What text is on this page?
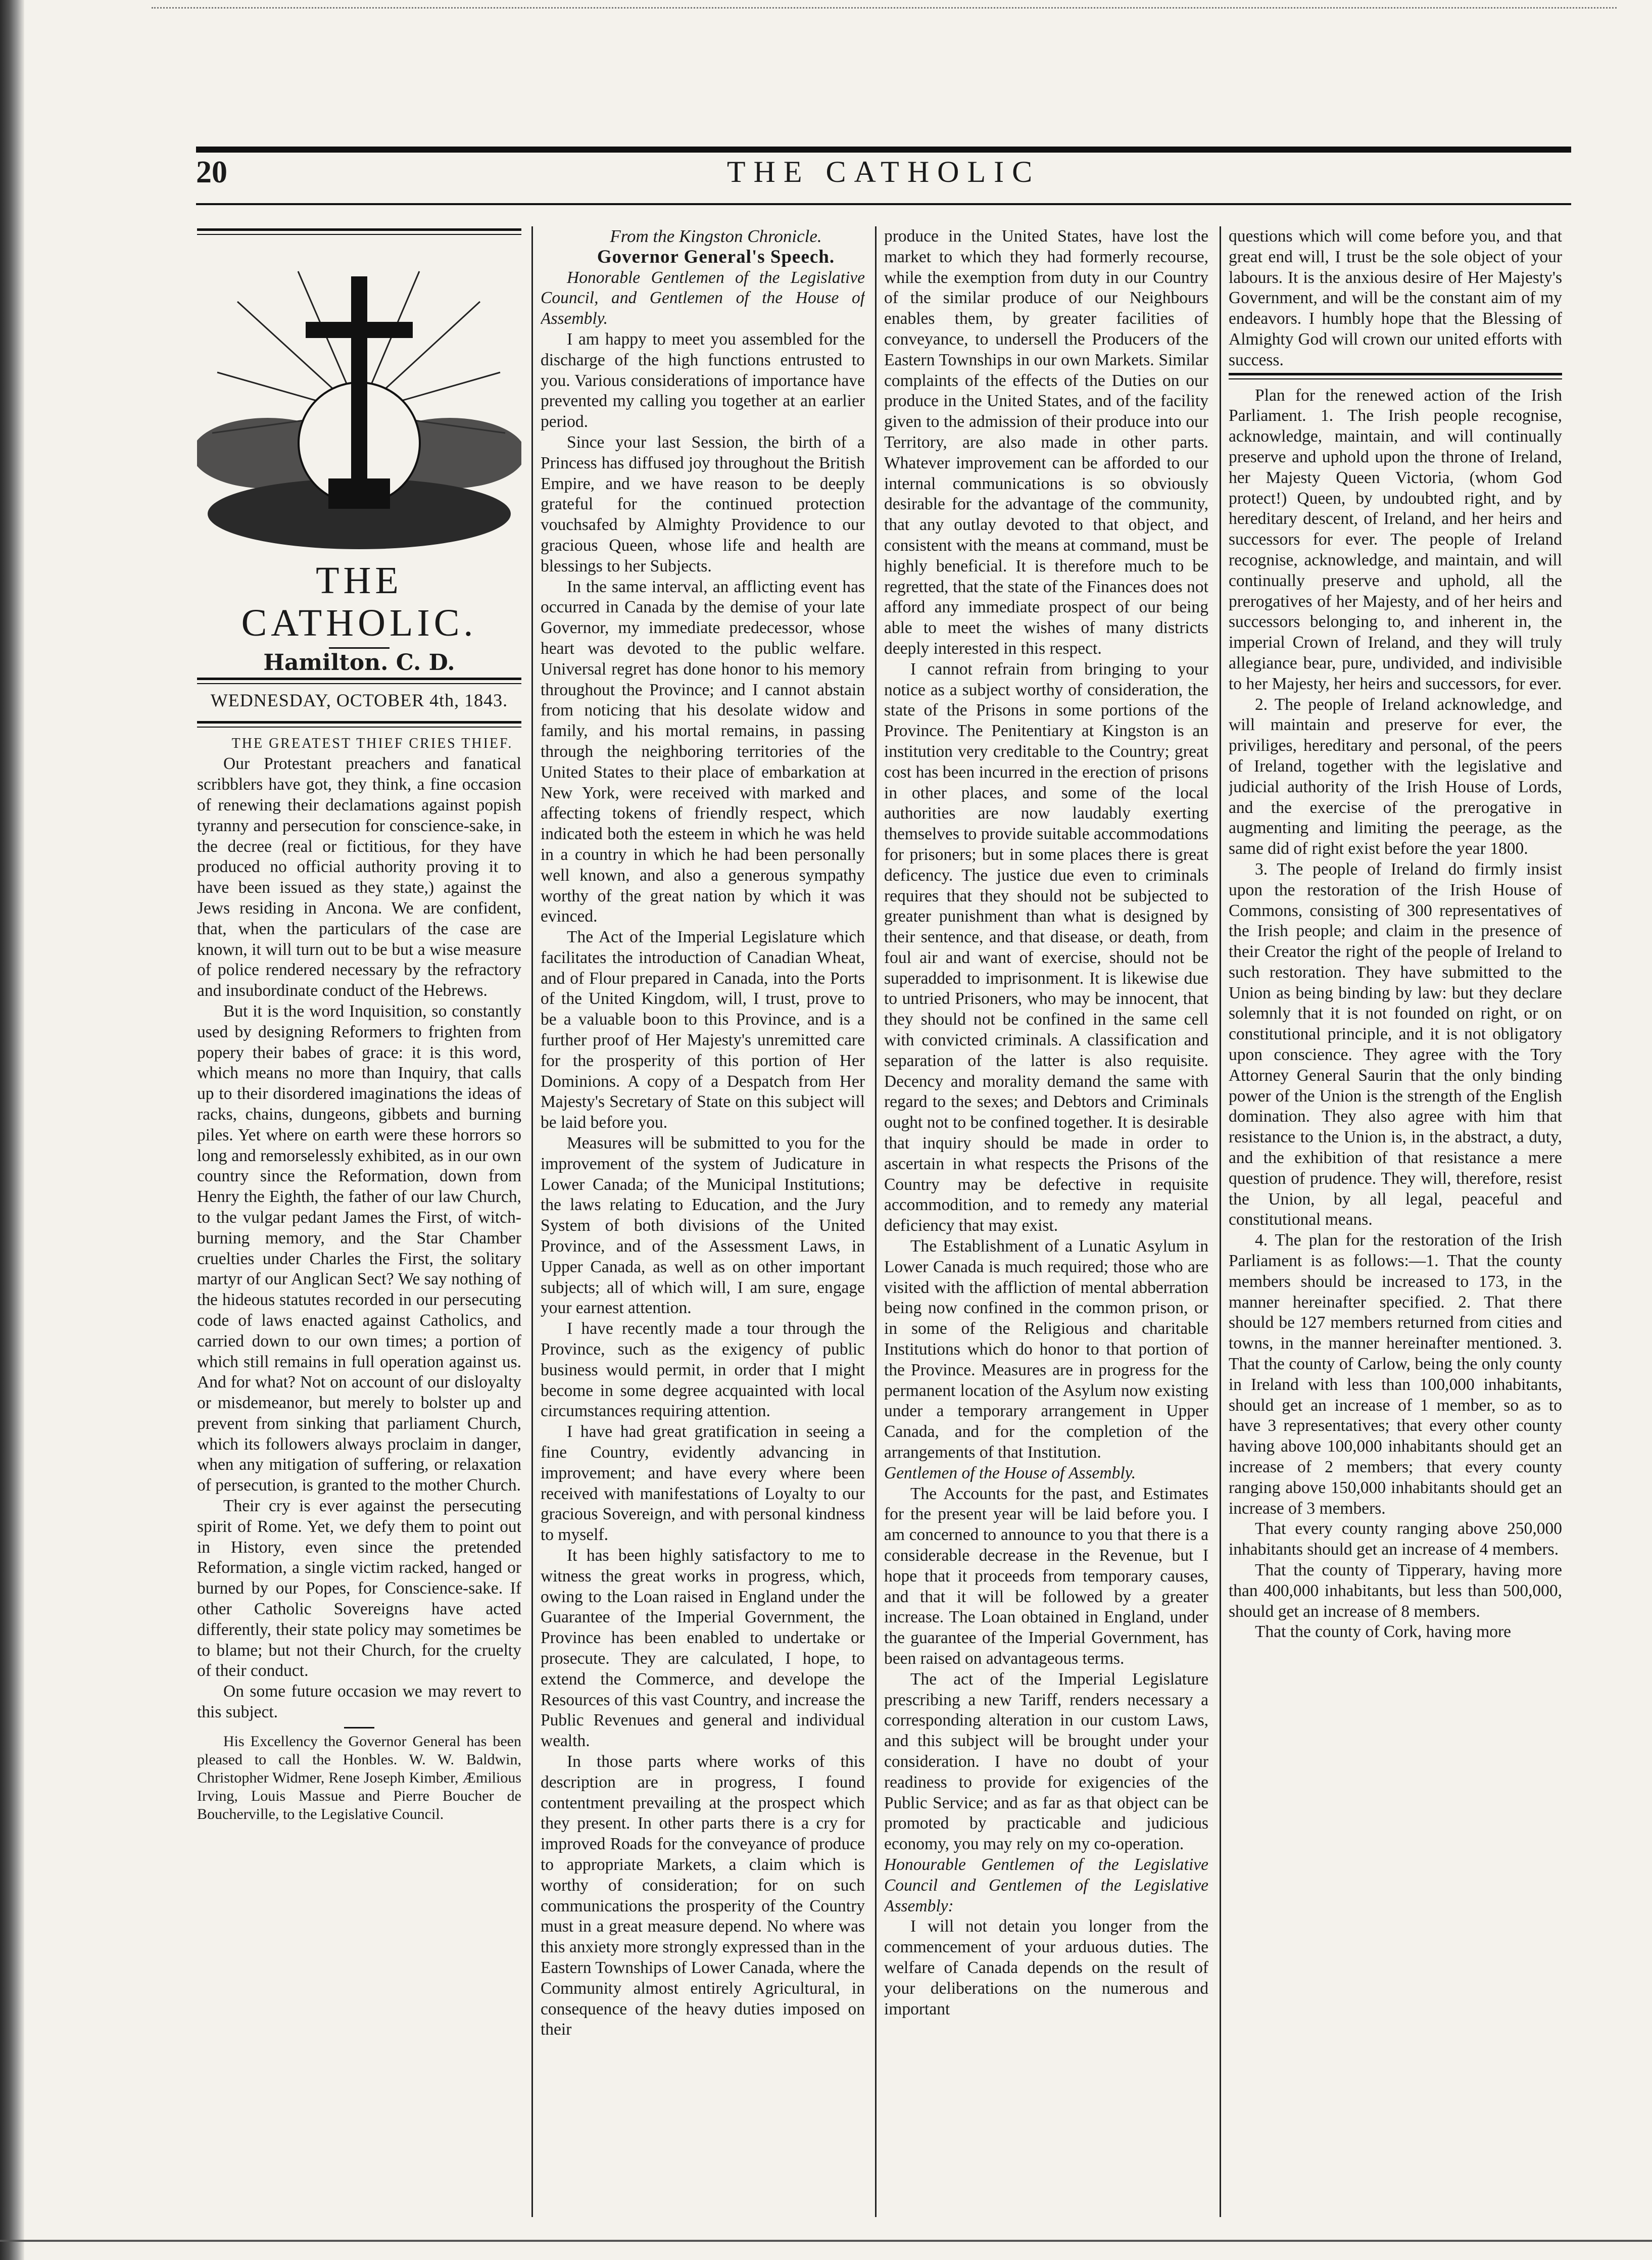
20	THE CATHOLIC
THE CATHOLIC.
Hamilton. C. D.
WEDNESDAY, OCTOBER 4th, 1843.

THE GREATEST THIEF CRIES THIEF.

Our Protestant preachers and fanatical scribblers have got, they think, a fine occasion of renewing their declamations against popish tyranny and persecution for conscience-sake, in the decree (real or fictitious, for they have produced no official authority proving it to have been issued as they state,) against the Jews residing in Ancona. We are confident, that, when the particulars of the case are known, it will turn out to be but a wise measure of police rendered necessary by the refractory and insubordinate conduct of the Hebrews.

But it is the word Inquisition, so constantly used by designing Reformers to frighten from popery their babes of grace: it is this word, which means no more than Inquiry, that calls up to their disordered imaginations the ideas of racks, chains, dungeons, gibbets and burning piles. Yet where on earth were these horrors so long and remorselessly exhibited, as in our own country since the Reformation, down from Henry the Eighth, the father of our law Church, to the vulgar pedant James the First, of witch-burning memory, and the Star Chamber cruelties under Charles the First, the solitary martyr of our Anglican Sect? We say nothing of the hideous statutes recorded in our persecuting code of laws enacted against Catholics, and carried down to our own times; a portion of which still remains in full operation against us. And for what? Not on account of our disloyalty or misdemeanor, but merely to bolster up and prevent from sinking that parliament Church, which its followers always proclaim in danger, when any mitigation of suffering, or relaxation of persecution, is granted to the mother Church.

Their cry is ever against the persecuting spirit of Rome. Yet, we defy them to point out in History, even since the pretended Reformation, a single victim racked, hanged or burned by our Popes, for Conscience-sake. If other Catholic Sovereigns have acted differently, their state policy may sometimes be to blame; but not their Church, for the cruelty of their conduct.

On some future occasion we may revert to this subject.

His Excellency the Governor General has been pleased to call the Honbles. W. W. Baldwin, Christopher Widmer, Rene Joseph Kimber, Æmilious Irving, Louis Massue and Pierre Boucher de Boucherville, to the Legislative Council.

From the Kingston Chronicle.

Governor General's Speech.

Honorable Gentlemen of the Legislative Council, and Gentlemen of the House of Assembly.

I am happy to meet you assembled for the discharge of the high functions entrusted to you. Various considerations of importance have prevented my calling you together at an earlier period.

Since your last Session, the birth of a Princess has diffused joy throughout the British Empire, and we have reason to be deeply grateful for the continued protection vouchsafed by Almighty Providence to our gracious Queen, whose life and health are blessings to her Subjects.

In the same interval, an afflicting event has occurred in Canada by the demise of your late Governor, my immediate predecessor, whose heart was devoted to the public welfare. Universal regret has done honor to his memory throughout the Province; and I cannot abstain from noticing that his desolate widow and family, and his mortal remains, in passing through the neighboring territories of the United States to their place of embarkation at New York, were received with marked and affecting tokens of friendly respect, which indicated both the esteem in which he was held in a country in which he had been personally well known, and also a generous sympathy worthy of the great nation by which it was evinced.

The Act of the Imperial Legislature which facilitates the introduction of Canadian Wheat, and of Flour prepared in Canada, into the Ports of the United Kingdom, will, I trust, prove to be a valuable boon to this Province, and is a further proof of Her Majesty's unremitted care for the prosperity of this portion of Her Dominions. A copy of a Despatch from Her Majesty's Secretary of State on this subject will be laid before you.

Measures will be submitted to you for the improvement of the system of Judicature in Lower Canada; of the Municipal Institutions; the laws relating to Education, and the Jury System of both divisions of the United Province, and of the Assessment Laws, in Upper Canada, as well as on other important subjects; all of which will, I am sure, engage your earnest attention.

I have recently made a tour through the Province, such as the exigency of public business would permit, in order that I might become in some degree acquainted with local circumstances requiring attention.

I have had great gratification in seeing a fine Country, evidently advancing in improvement; and have every where been received with manifestations of Loyalty to our gracious Sovereign, and with personal kindness to myself.

It has been highly satisfactory to me to witness the great works in progress, which, owing to the Loan raised in England under the Guarantee of the Imperial Government, the Province has been enabled to undertake or prosecute. They are calculated, I hope, to extend the Commerce, and develope the Resources of this vast Country, and increase the Public Revenues and general and individual wealth.

In those parts where works of this description are in progress, I found contentment prevailing at the prospect which they present. In other parts there is a cry for improved Roads for the conveyance of produce to appropriate Markets, a claim which is worthy of consideration; for on such communications the prosperity of the Country must in a great measure depend. No where was this anxiety more strongly expressed than in the Eastern Townships of Lower Canada, where the Community almost entirely Agricultural, in consequence of the heavy duties imposed on their

produce in the United States, have lost the market to which they had formerly recourse, while the exemption from duty in our Country of the similar produce of our Neighbours enables them, by greater facilities of conveyance, to undersell the Producers of the Eastern Townships in our own Markets. Similar complaints of the effects of the Duties on our produce in the United States, and of the facility given to the admission of their produce into our Territory, are also made in other parts. Whatever improvement can be afforded to our internal communications is so obviously desirable for the advantage of the community, that any outlay devoted to that object, and consistent with the means at command, must be highly beneficial. It is therefore much to be regretted, that the state of the Finances does not afford any immediate prospect of our being able to meet the wishes of many districts deeply interested in this respect.

I cannot refrain from bringing to your notice as a subject worthy of consideration, the state of the Prisons in some portions of the Province. The Penitentiary at Kingston is an institution very creditable to the Country; great cost has been incurred in the erection of prisons in other places, and some of the local authorities are now laudably exerting themselves to provide suitable accommodations for prisoners; but in some places there is great deficency. The justice due even to criminals requires that they should not be subjected to greater punishment than what is designed by their sentence, and that disease, or death, from foul air and want of exercise, should not be superadded to imprisonment. It is likewise due to untried Prisoners, who may be innocent, that they should not be confined in the same cell with convicted criminals. A classification and separation of the latter is also requisite. Decency and morality demand the same with regard to the sexes; and Debtors and Criminals ought not to be confined together. It is desirable that inquiry should be made in order to ascertain in what respects the Prisons of the Country may be defective in requisite accommodition, and to remedy any material deficiency that may exist.

The Establishment of a Lunatic Asylum in Lower Canada is much required; those who are visited with the affliction of mental abberration being now confined in the common prison, or in some of the Religious and charitable Institutions which do honor to that portion of the Province. Measures are in progress for the permanent location of the Asylum now existing under a temporary arrangement in Upper Canada, and for the completion of the arrangements of that Institution.

Gentlemen of the House of Assembly.

The Accounts for the past, and Estimates for the present year will be laid before you. I am concerned to announce to you that there is a considerable decrease in the Revenue, but I hope that it proceeds from temporary causes, and that it will be followed by a greater increase. The Loan obtained in England, under the guarantee of the Imperial Government, has been raised on advantageous terms.

The act of the Imperial Legislature prescribing a new Tariff, renders necessary a corresponding alteration in our custom Laws, and this subject will be brought under your consideration. I have no doubt of your readiness to provide for exigencies of the Public Service; and as far as that object can be promoted by practicable and judicious economy, you may rely on my co-operation.

Honourable Gentlemen of the Legislative Council and Gentlemen of the Legislative Assembly:

I will not detain you longer from the commencement of your arduous duties. The welfare of Canada depends on the result of your deliberations on the numerous and important

questions which will come before you, and that great end will, I trust be the sole object of your labours. It is the anxious desire of Her Majesty's Government, and will be the constant aim of my endeavors. I humbly hope that the Blessing of Almighty God will crown our united efforts with success.

Plan for the renewed action of the Irish Parliament. 1. The Irish people recognise, acknowledge, maintain, and will continually preserve and uphold upon the throne of Ireland, her Majesty Queen Victoria, (whom God protect!) Queen, by undoubted right, and by hereditary descent, of Ireland, and her heirs and successors for ever. The people of Ireland recognise, acknowledge, and maintain, and will continually preserve and uphold, all the prerogatives of her Majesty, and of her heirs and successors belonging to, and inherent in, the imperial Crown of Ireland, and they will truly allegiance bear, pure, undivided, and indivisible to her Majesty, her heirs and successors, for ever.

2. The people of Ireland acknowledge, and will maintain and preserve for ever, the priviliges, hereditary and personal, of the peers of Ireland, together with the legislative and judicial authority of the Irish House of Lords, and the exercise of the prerogative in augmenting and limiting the peerage, as the same did of right exist before the year 1800.

3. The people of Ireland do firmly insist upon the restoration of the Irish House of Commons, consisting of 300 representatives of the Irish people; and claim in the presence of their Creator the right of the people of Ireland to such restoration. They have submitted to the Union as being binding by law: but they declare solemnly that it is not founded on right, or on constitutional principle, and it is not obligatory upon conscience. They agree with the Tory Attorney General Saurin that the only binding power of the Union is the strength of the English domination. They also agree with him that resistance to the Union is, in the abstract, a duty, and the exhibition of that resistance a mere question of prudence. They will, therefore, resist the Union, by all legal, peaceful and constitutional means.

4. The plan for the restoration of the Irish Parliament is as follows:—1. That the county members should be increased to 173, in the manner hereinafter specified. 2. That there should be 127 members returned from cities and towns, in the manner hereinafter mentioned. 3. That the county of Carlow, being the only county in Ireland with less than 100,000 inhabitants, should get an increase of 1 member, so as to have 3 representatives; that every other county having above 100,000 inhabitants should get an increase of 2 members; that every county ranging above 150,000 inhabitants should get an increase of 3 members.

That every county ranging above 250,000 inhabitants should get an increase of 4 members.

That the county of Tipperary, having more than 400,000 inhabitants, but less than 500,000, should get an increase of 8 members.

That the county of Cork, having more
